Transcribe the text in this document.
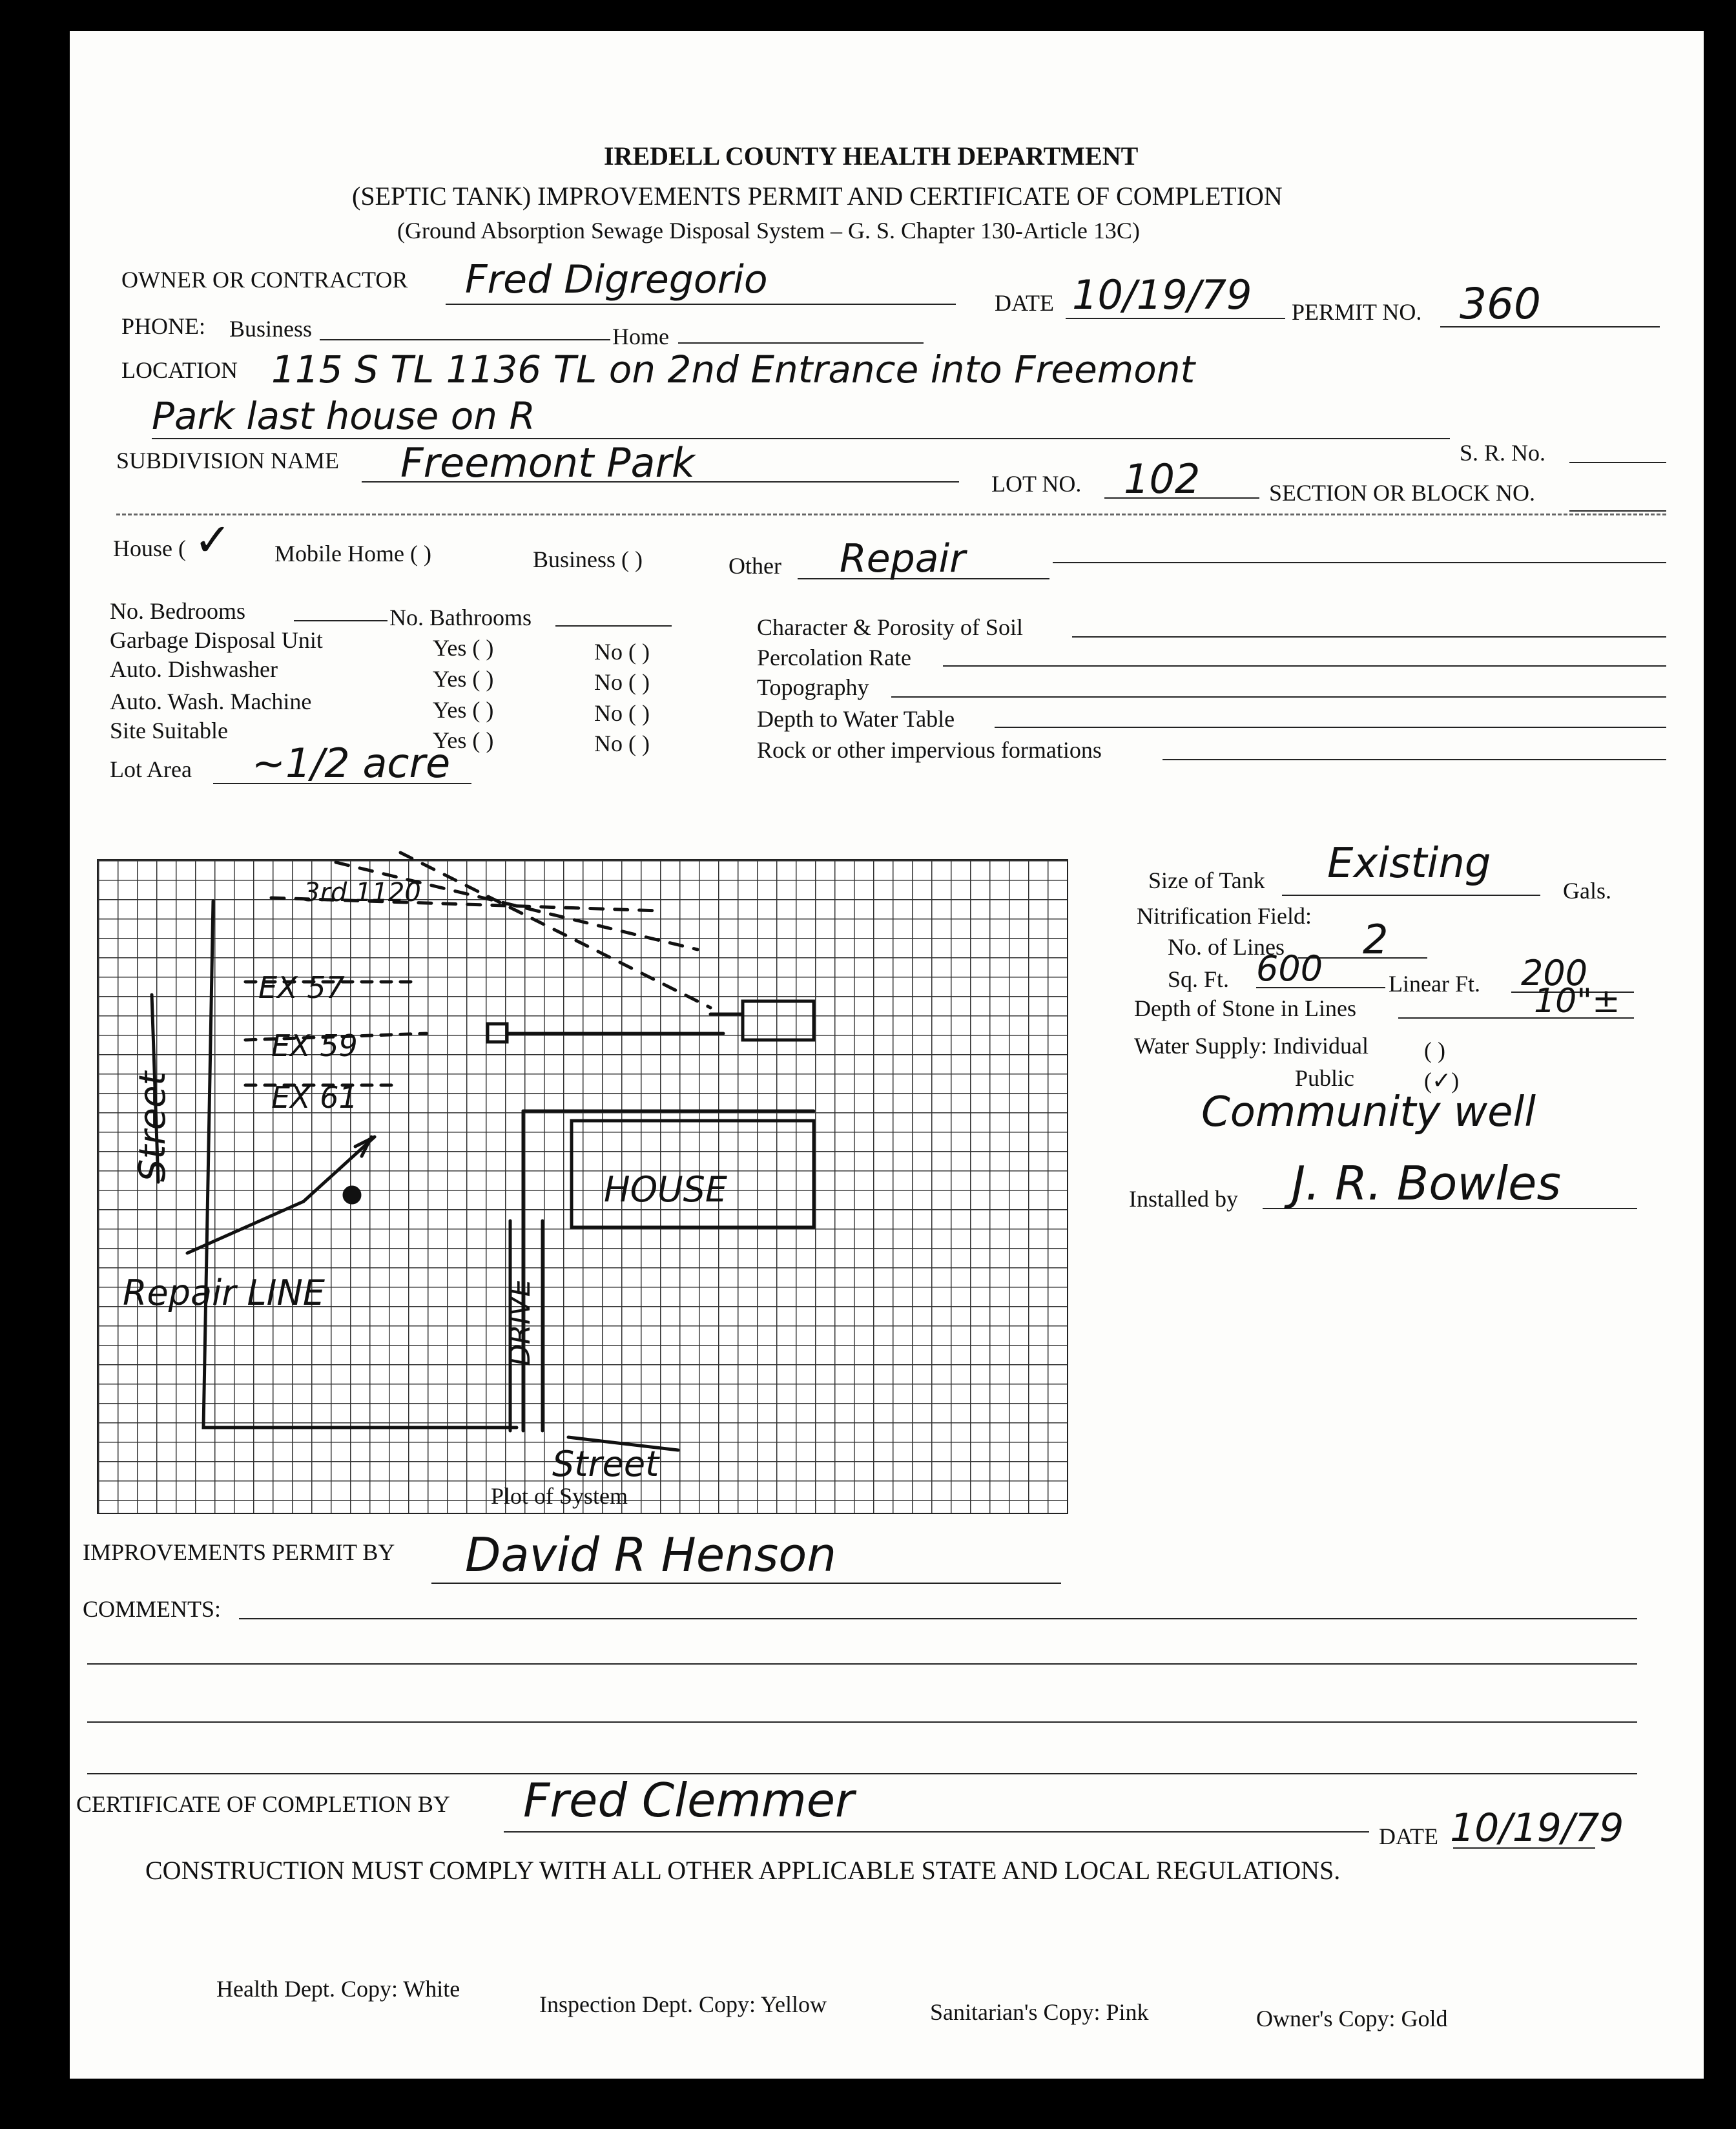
IREDELL COUNTY HEALTH DEPARTMENT
(SEPTIC TANK) IMPROVEMENTS PERMIT AND CERTIFICATE OF COMPLETION
(Ground Absorption Sewage Disposal System – G. S. Chapter 130-Article 13C)
OWNER OR CONTRACTOR Fred Digregorio
DATE 10/19/79 PERMIT NO. 360
PHONE: Business	Home
LOCATION 115 S TL 1136 TL on 2nd Entrance into Freemont
Park last house on R
S. R. No.
SUBDIVISION NAME Freemont Park	LOT NO. 102	SECTION OR BLOCK NO.
House ( ✓ Mobile Home ( )	Business ( )	Other Repair
No. Bedrooms	No. Bathrooms
Garbage Disposal Unit	Yes ( )	No ( )
Auto. Dishwasher	Yes ( )	No ( )
Auto. Wash. Machine	Yes ( )	No ( )
Site Suitable	Yes ( )	No ( )
Lot Area ~1/2 acre
Character & Porosity of Soil
Percolation Rate
Topography
Depth to Water Table
Rock or other impervious formations
Street
Street
HOUSE
DRIVE
Repair LINE
EX 57
EX 59
EX 61
3rd 1120
Plot of System
Size of Tank Existing
Gals.
Nitrification Field:
No. of Lines 2
Sq. Ft. 600	Linear Ft. 200
Depth of Stone in Lines	10"±
Water Supply: Individual ( )
Public	(✓)
Community well
Installed by J. R. Bowles
IMPROVEMENTS PERMIT BY David R Henson
COMMENTS:
CERTIFICATE OF COMPLETION BY Fred Clemmer
DATE 10/19/79
CONSTRUCTION MUST COMPLY WITH ALL OTHER APPLICABLE STATE AND LOCAL REGULATIONS.
Health Dept. Copy: White
Inspection Dept. Copy: Yellow	Sanitarian's Copy: Pink	Owner's Copy: Gold
